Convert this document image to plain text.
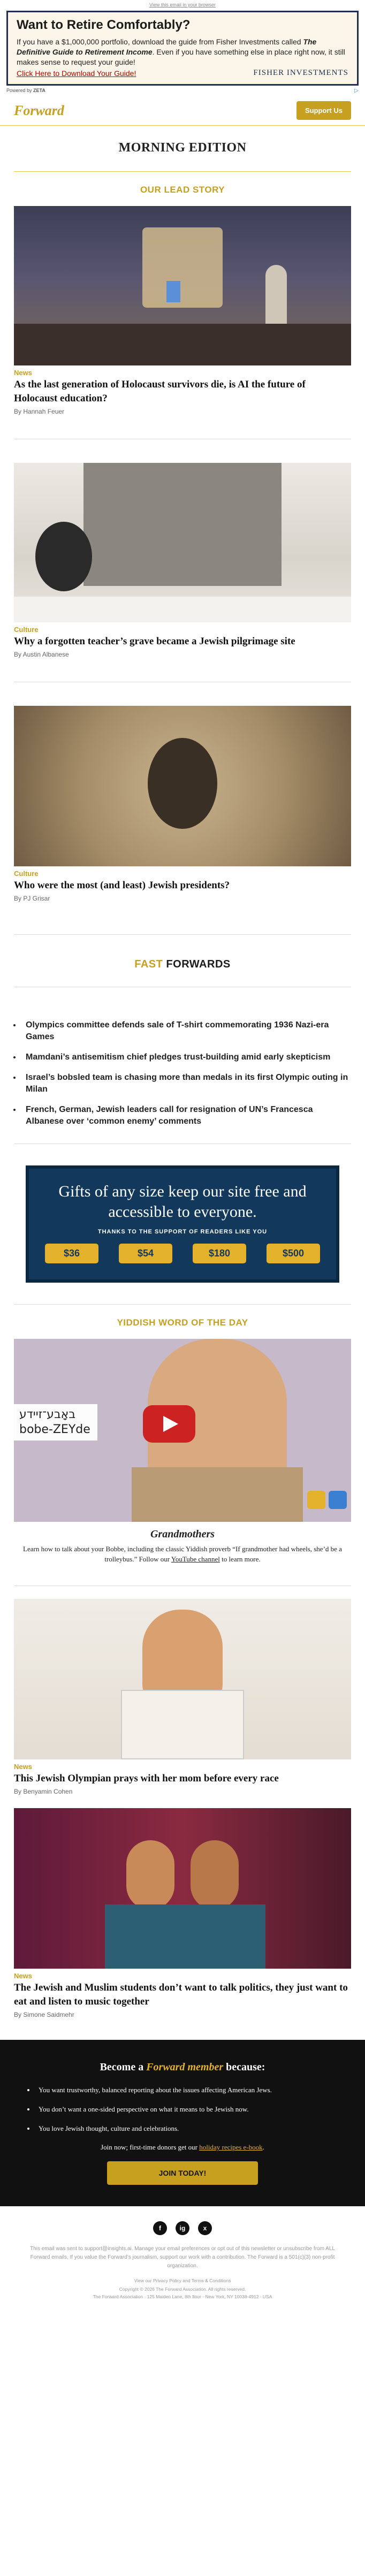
View this email in your browser
Want to Retire Comfortably?
If you have a $1,000,000 portfolio, download the guide from Fisher Investments called The Definitive Guide to Retirement Income. Even if you have something else in place right now, it still makes sense to request your guide!
Click Here to Download Your Guide!	FISHER INVESTMENTS
Powered by ZETA	▷
Forward	Support Us
MORNING EDITION
OUR LEAD STORY
News
As the last generation of Holocaust survivors die, is AI the future of Holocaust education?
By Hannah Feuer
Culture
Why a forgotten teacher’s grave became a Jewish pilgrimage site
By Austin Albanese
Culture
Who were the most (and least) Jewish presidents?
By PJ Grisar
FAST FORWARDS
• Olympics committee defends sale of T-shirt commemorating 1936 Nazi-era Games
• Mamdani’s antisemitism chief pledges trust-building amid early skepticism
• Israel’s bobsled team is chasing more than medals in its first Olympic outing in Milan
• French, German, Jewish leaders call for resignation of UN’s Francesca Albanese over ‘common enemy’ comments
Gifts of any size keep our site free and accessible to everyone.
THANKS TO THE SUPPORT OF READERS LIKE YOU
$36	$54	$180	$500
YIDDISH WORD OF THE DAY
באָבע־זיידע
bobe-ZEYde
Grandmothers
Learn how to talk about your Bobbe, including the classic Yiddish proverb “If grandmother had wheels, she’d be a trolleybus.” Follow our YouTube channel to learn more.
News
This Jewish Olympian prays with her mom before every race
By Benyamin Cohen
News
The Jewish and Muslim students don’t want to talk politics, they just want to eat and listen to music together
By Simone Saidmehr
Become a Forward member because:
• You want trustworthy, balanced reporting about the issues affecting American Jews.
• You don’t want a one-sided perspective on what it means to be Jewish now.
• You love Jewish thought, culture and celebrations.
Join now; first-time donors get our holiday recipes e-book.
JOIN TODAY!
f	ig	x
This email was sent to support@insights.ai. Manage your email preferences or opt out of this newsletter or unsubscribe from ALL Forward emails. If you value the Forward’s journalism, support our work with a contribution. The Forward is a 501(c)(3) non-profit organization.
View our Privacy Policy and Terms & Conditions
Copyright © 2026 The Forward Association. All rights reserved.
The Forward Association · 125 Maiden Lane, 8th floor · New York, NY 10038-4912 · USA
